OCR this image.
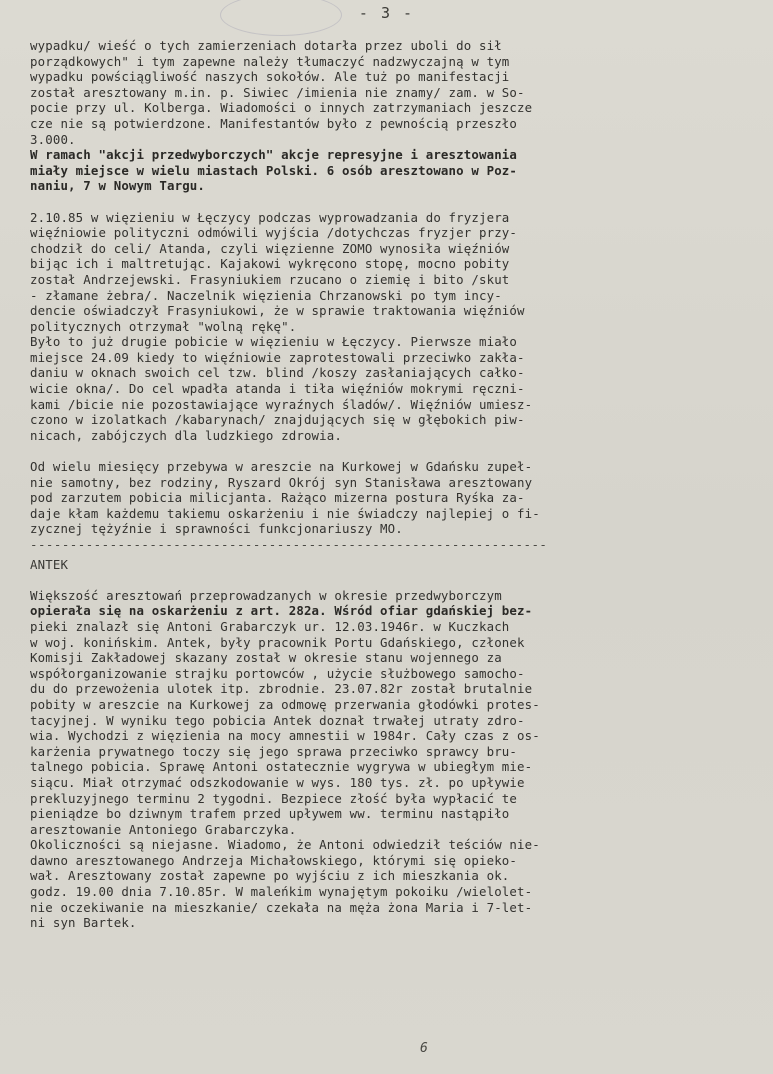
- 3 -
wypadku/ wieść o tych zamierzeniach dotarła przez uboli do sił
porządkowych" i tym zapewne należy tłumaczyć nadzwyczajną w tym
wypadku powściągliwość naszych sokołów. Ale tuż po manifestacji
został aresztowany m.in. p. Siwiec /imienia nie znamy/ zam. w So-
pocie przy ul. Kolberga. Wiadomości o innych zatrzymaniach jeszcze
cze nie są potwierdzone. Manifestantów było z pewnością przeszło
3.000.
W ramach "akcji przedwyborczych" akcje represyjne i aresztowania
miały miejsce w wielu miastach Polski. 6 osób aresztowano w Poz-
naniu, 7 w Nowym Targu.
2.10.85 w więzieniu w Łęczycy podczas wyprowadzania do fryzjera
więźniowie polityczni odmówili wyjścia /dotychczas fryzjer przy-
chodził do celi/ Atanda, czyli więzienne ZOMO wynosiła więźniów
bijąc ich i maltretując. Kajakowi wykręcono stopę, mocno pobity
został Andrzejewski. Frasyniukiem rzucano o ziemię i bito /skut
- złamane żebra/. Naczelnik więzienia Chrzanowski po tym incy-
dencie oświadczył Frasyniukowi, że w sprawie traktowania więźniów
politycznych otrzymał "wolną rękę".
Było to już drugie pobicie w więzieniu w Łęczycy. Pierwsze miało
miejsce 24.09 kiedy to więźniowie zaprotestowali przeciwko zakła-
daniu w oknach swoich cel tzw. blind /koszy zasłaniających całko-
wicie okna/. Do cel wpadła atanda i tiła więźniów mokrymi ręczni-
kami /bicie nie pozostawiające wyraźnych śladów/. Więźniów umiesz-
czono w izolatkach /kabarynach/ znajdujących się w głębokich piw-
nicach, zabójczych dla ludzkiego zdrowia.
Od wielu miesięcy przebywa w areszcie na Kurkowej w Gdańsku zupeł-
nie samotny, bez rodziny, Ryszard Okrój syn Stanisława aresztowany
pod zarzutem pobicia milicjanta. Rażąco mizerna postura Ryśka za-
daje kłam każdemu takiemu oskarżeniu i nie świadczy najlepiej o fi-
zycznej tężyźnie i sprawności funkcjonariuszy MO.
-----------------------------------------------------------------
ANTEK
Większość aresztowań przeprowadzanych w okresie przedwyborczym
opierała się na oskarżeniu z art. 282a. Wśród ofiar gdańskiej bez-
pieki znalazł się Antoni Grabarczyk ur. 12.03.1946r. w Kuczkach
w woj. konińskim. Antek, były pracownik Portu Gdańskiego, członek
Komisji Zakładowej skazany został w okresie stanu wojennego za
współorganizowanie strajku portowców , użycie służbowego samocho-
du do przewożenia ulotek itp. zbrodnie. 23.07.82r został brutalnie
pobity w areszcie na Kurkowej za odmowę przerwania głodówki protes-
tacyjnej. W wyniku tego pobicia Antek doznał trwałej utraty zdro-
wia. Wychodzi z więzienia na mocy amnestii w 1984r. Cały czas z os-
karżenia prywatnego toczy się jego sprawa przeciwko sprawcy bru-
talnego pobicia. Sprawę Antoni ostatecznie wygrywa w ubiegłym mie-
siącu. Miał otrzymać odszkodowanie w wys. 180 tys. zł. po upływie
prekluzyjnego terminu 2 tygodni. Bezpiece złość była wypłacić te
pieniądze bo dziwnym trafem przed upływem ww. terminu nastąpiło
aresztowanie Antoniego Grabarczyka.
Okoliczności są niejasne. Wiadomo, że Antoni odwiedził teściów nie-
dawno aresztowanego Andrzeja Michałowskiego, którymi się opieko-
wał. Aresztowany został zapewne po wyjściu z ich mieszkania ok.
godz. 19.00 dnia 7.10.85r. W maleńkim wynajętym pokoiku /wielolet-
nie oczekiwanie na mieszkanie/ czekała na męża żona Maria i 7-let-
ni syn Bartek.
6
